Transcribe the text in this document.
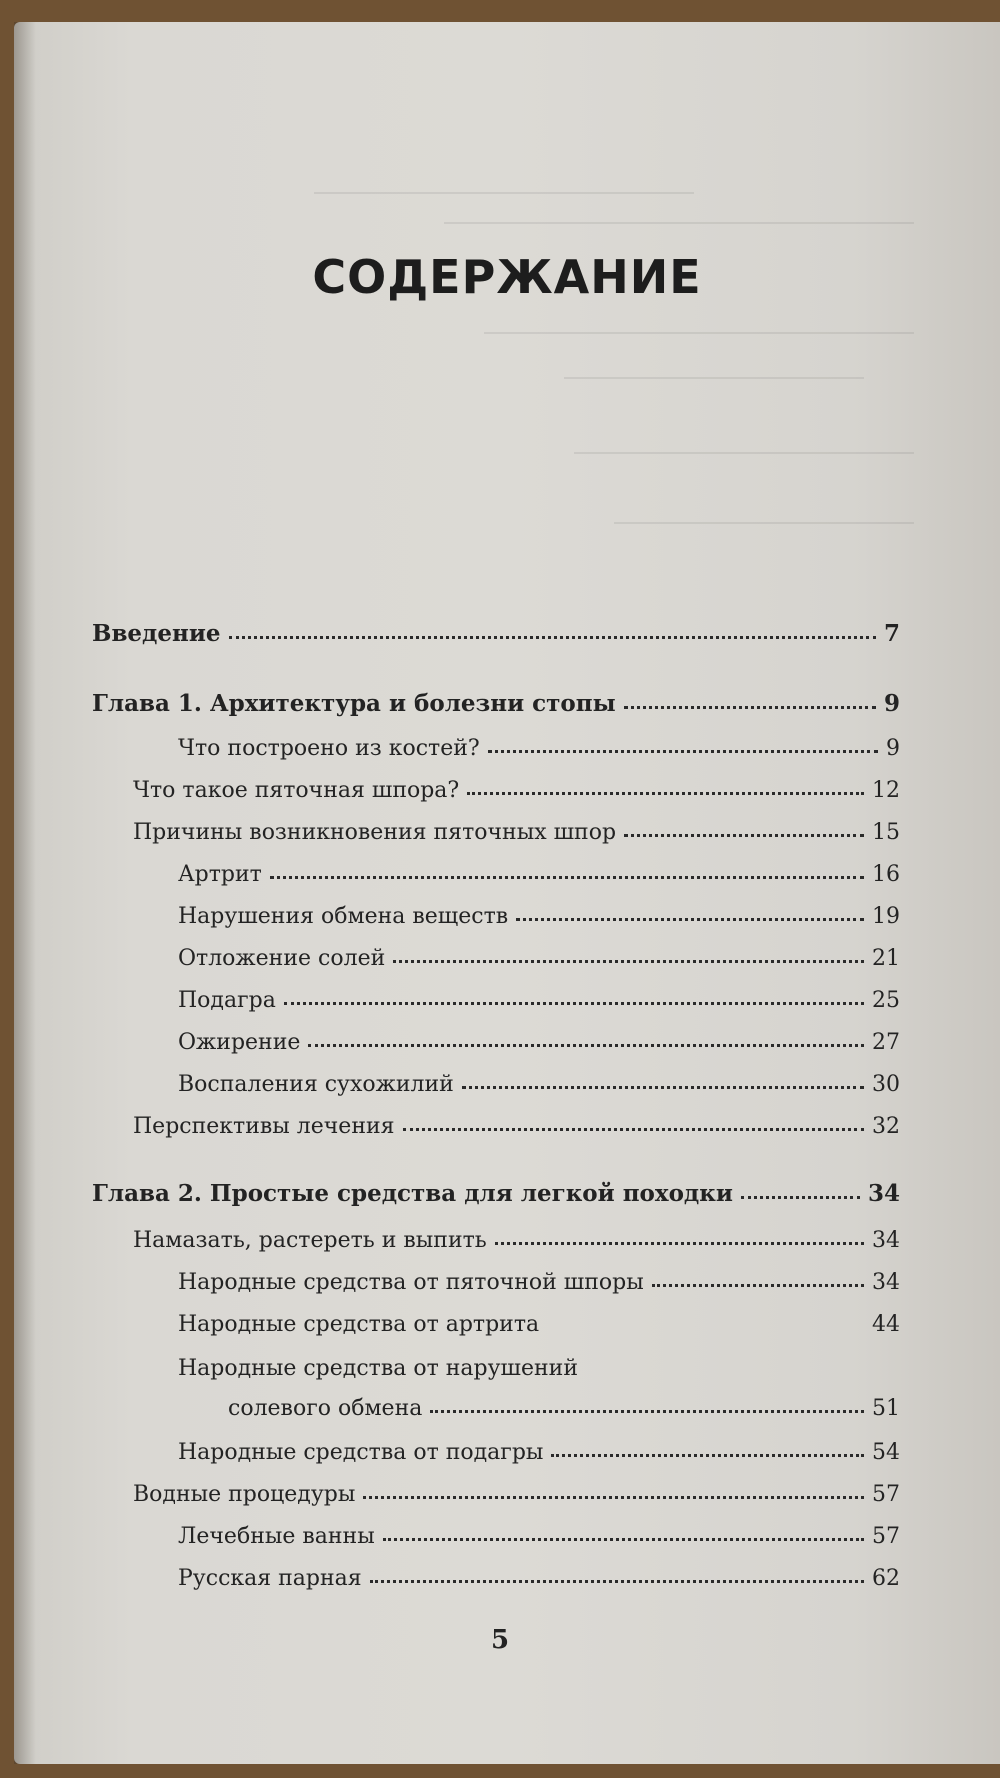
СОДЕРЖАНИЕ
Введение	7
Глава 1. Архитектура и болезни стопы	9
Что построено из костей?	9
Что такое пяточная шпора?	12
Причины возникновения пяточных шпор	15
Артрит	16
Нарушения обмена веществ	19
Отложение солей	21
Подагра	25
Ожирение	27
Воспаления сухожилий	30
Перспективы лечения	32
Глава 2. Простые средства для легкой походки	34
Намазать, растереть и выпить	34
Народные средства от пяточной шпоры	34
Народные средства от артрита	44
Народные средства от нарушений
солевого обмена	51
Народные средства от подагры	54
Водные процедуры	57
Лечебные ванны	57
Русская парная	62
5
